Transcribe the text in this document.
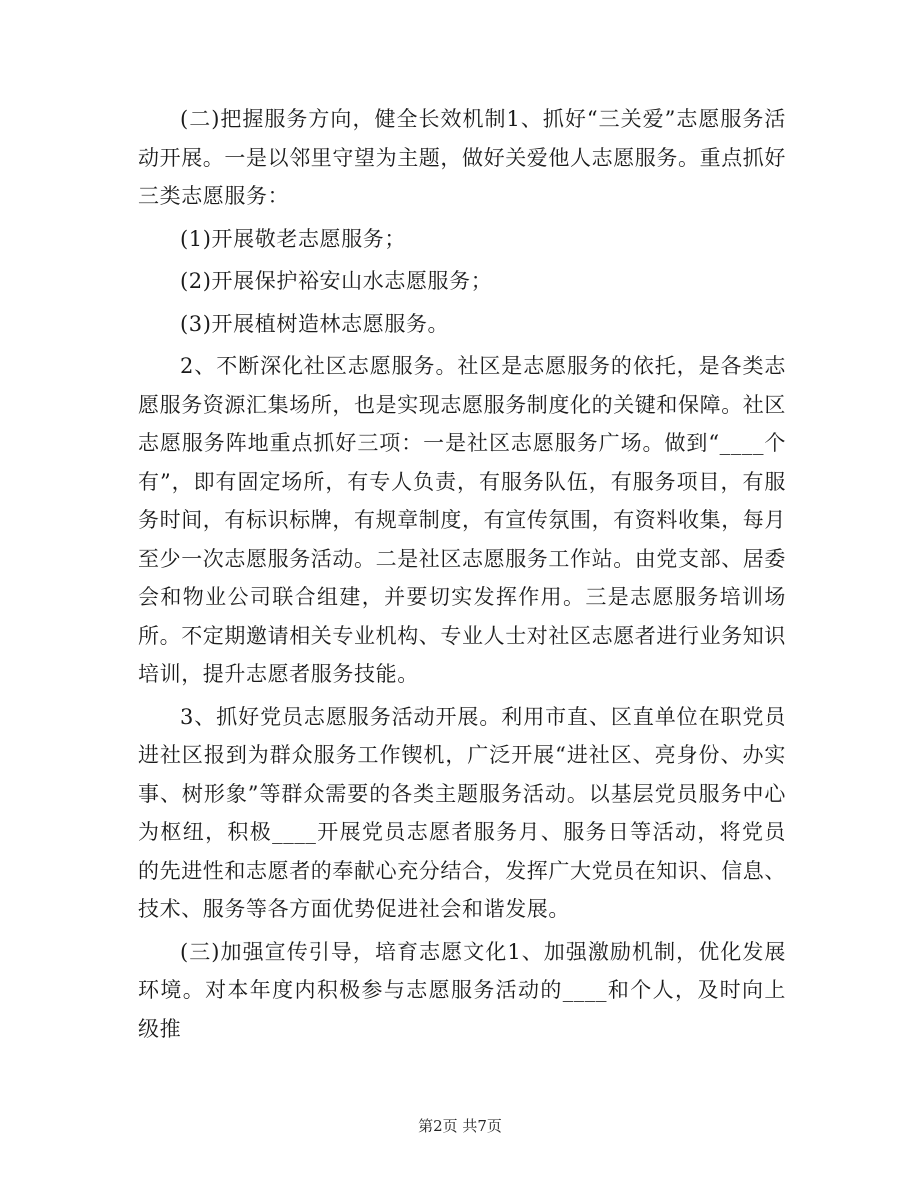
(二)把握服务方向，健全长效机制1、抓好“三关爱”志愿服务活动开展。一是以邻里守望为主题，做好关爱他人志愿服务。重点抓好三类志愿服务：

(1)开展敬老志愿服务；

(2)开展保护裕安山水志愿服务；

(3)开展植树造林志愿服务。

2、不断深化社区志愿服务。社区是志愿服务的依托，是各类志愿服务资源汇集场所，也是实现志愿服务制度化的关键和保障。社区志愿服务阵地重点抓好三项：一是社区志愿服务广场。做到“____个有”，即有固定场所，有专人负责，有服务队伍，有服务项目，有服务时间，有标识标牌，有规章制度，有宣传氛围，有资料收集，每月至少一次志愿服务活动。二是社区志愿服务工作站。由党支部、居委会和物业公司联合组建，并要切实发挥作用。三是志愿服务培训场所。不定期邀请相关专业机构、专业人士对社区志愿者进行业务知识培训，提升志愿者服务技能。

3、抓好党员志愿服务活动开展。利用市直、区直单位在职党员进社区报到为群众服务工作锲机，广泛开展“进社区、亮身份、办实事、树形象”等群众需要的各类主题服务活动。以基层党员服务中心为枢纽，积极____开展党员志愿者服务月、服务日等活动，将党员的先进性和志愿者的奉献心充分结合，发挥广大党员在知识、信息、技术、服务等各方面优势促进社会和谐发展。

(三)加强宣传引导，培育志愿文化1、加强激励机制，优化发展环境。对本年度内积极参与志愿服务活动的____和个人，及时向上级推

第2页 共7页
